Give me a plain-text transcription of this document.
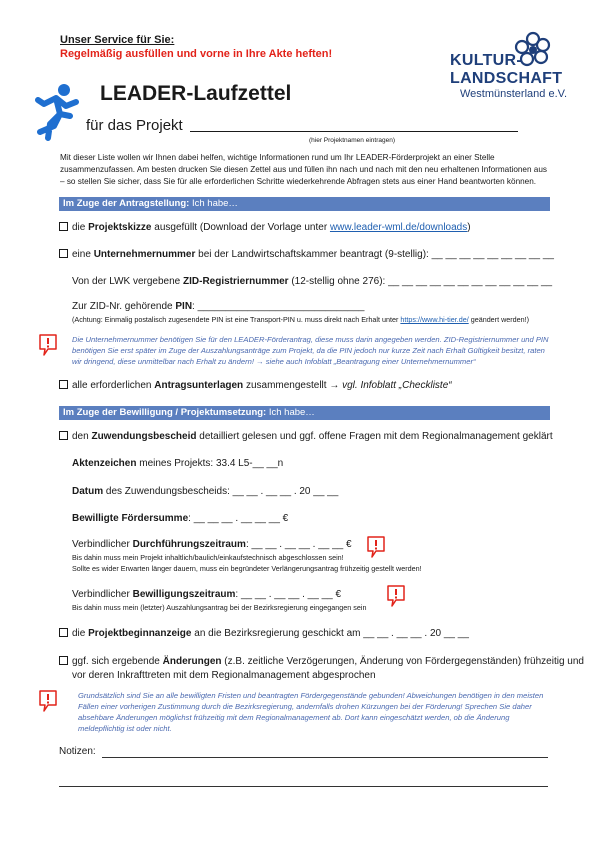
Unser Service für Sie:
Regelmäßig ausfüllen und vorne in Ihre Akte heften!	KULTUR-
LANDSCHAFT
Westmünsterland e.V.
LEADER-Laufzettel
für das Projekt
(hier Projektnamen eintragen)
Mit dieser Liste wollen wir Ihnen dabei helfen, wichtige Informationen rund um Ihr LEADER-Förderprojekt an einer Stelle zusammenzufassen. Am besten drucken Sie diesen Zettel aus und füllen ihn nach und nach mit den neu erhaltenen Informationen aus – so stellen Sie sicher, dass Sie für alle erforderlichen Schritte wiederkehrende Abfragen stets aus einer Hand beantworten können.
Im Zuge der Antragstellung: Ich habe…
die Projektskizze ausgefüllt (Download der Vorlage unter www.leader-wml.de/downloads)
eine Unternehmernummer bei der Landwirtschaftskammer beantragt (9-stellig): __ __ __ __ __ __ __ __ __
Von der LWK vergebene ZID-Registriernummer (12-stellig ohne 276): __ __ __ __ __ __ __ __ __ __ __ __
Zur ZID-Nr. gehörende PIN: ______________________________
(Achtung: Einmalig postalisch zugesendete PIN ist eine Transport-PIN u. muss direkt nach Erhalt unter https://www.hi-tier.de/ geändert werden!)
Die Unternehmernummer benötigen Sie für den LEADER-Förderantrag, diese muss darin angegeben werden. ZID-Registriernummer und PIN benötigen Sie erst später im Zuge der Auszahlungsanträge zum Projekt, da die PIN jedoch nur kurze Zeit nach Erhalt Gültigkeit besitzt, raten wir dringend, diese unmittelbar nach Erhalt zu ändern! → siehe auch Infoblatt „Beantragung einer Unternehmernummer“
alle erforderlichen Antragsunterlagen zusammengestellt → vgl. Infoblatt „Checkliste“
Im Zuge der Bewilligung / Projektumsetzung: Ich habe…
den Zuwendungsbescheid detailliert gelesen und ggf. offene Fragen mit dem Regionalmanagement geklärt
Aktenzeichen meines Projekts: 33.4 L5-__ __n
Datum des Zuwendungsbescheids: __ __ . __ __ . 20 __ __
Bewilligte Fördersumme: __ __ __ . __ __ __ €
Verbindlicher Durchführungszeitraum: __ __ . __ __ . __ __ €
Bis dahin muss mein Projekt inhaltlich/baulich/einkaufstechnisch abgeschlossen sein!
Sollte es wider Erwarten länger dauern, muss ein begründeter Verlängerungsantrag frühzeitig gestellt werden!
Verbindlicher Bewilligungszeitraum: __ __ . __ __ . __ __ €
Bis dahin muss mein (letzter) Auszahlungsantrag bei der Bezirksregierung eingegangen sein
die Projektbeginnanzeige an die Bezirksregierung geschickt am __ __ . __ __ . 20 __ __
ggf. sich ergebende Änderungen (z.B. zeitliche Verzögerungen, Änderung von Fördergegenständen) frühzeitig und
vor deren Inkrafttreten mit dem Regionalmanagement abgesprochen
Grundsätzlich sind Sie an alle bewilligten Fristen und beantragten Fördergegenstände gebunden! Abweichungen benötigen in den meisten Fällen einer vorherigen Zustimmung durch die Bezirksregierung, andernfalls drohen Kürzungen bei der Förderung! Sprechen Sie daher absehbare Änderungen möglichst frühzeitig mit dem Regionalmanagement ab. Dort kann eingeschätzt werden, ob die Änderung meldepflichtig ist oder nicht.
Notizen:
